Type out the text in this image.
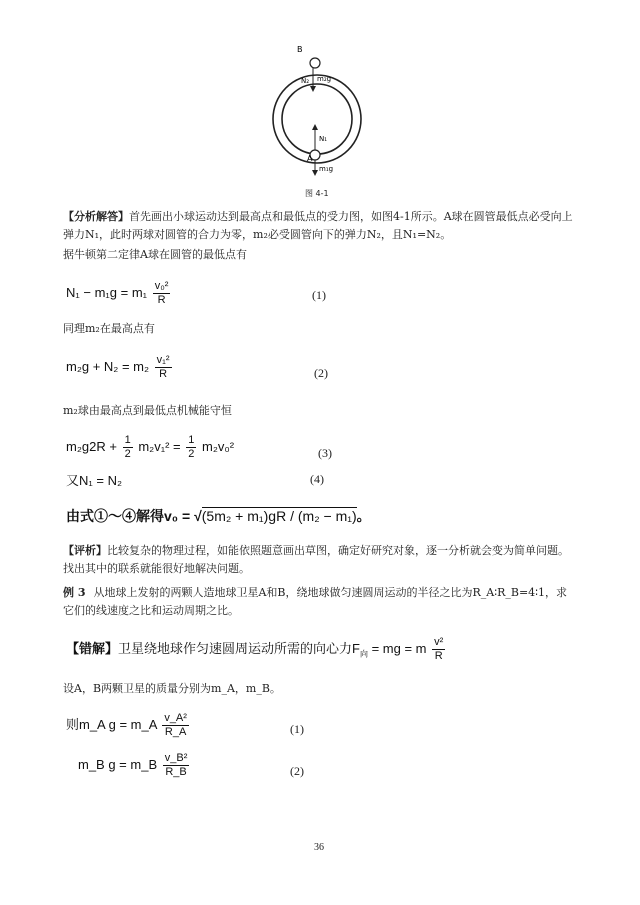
B
A
N₂ m₂g
N₁
m₁g
图 4-1
【分析解答】首先画出小球运动达到最高点和最低点的受力图，如图4-1所示。A球在圆管最低点必受向上弹力N₁，此时两球对圆管的合力为零，m₂必受圆管向下的弹力N₂，且N₁=N₂。
据牛顿第二定律A球在圆管的最低点有
$N_1 - m_1g = m_1 \frac{\text{v₀²}}{R}$	(1)
同理m₂在最高点有
$m_2g + N_2 = m_2 \frac{\text{v₁²}}{R}$	(2)
m₂球由最高点到最低点机械能守恒
$m_2g2R + \frac{1}{2} m_2v_1^2 = \frac{1}{2} m_2v_0^2$	(3)
又N₁ = N₂	(4)
由式①～④解得v₀ = √(5m₂ + m₁)gR / (m₂ − m₁)。
【评析】比较复杂的物理过程，如能依照题意画出草图，确定好研究对象，逐一分析就会变为简单问题。找出其中的联系就能很好地解决问题。
例 3 从地球上发射的两颗人造地球卫星A和B，绕地球做匀速圆周运动的半径之比为R_A∶R_B=4∶1，求它们的线速度之比和运动周期之比。
【错解】卫星绕地球作匀速圆周运动所需的向心力$F_向$ = mg = m $\frac{\text{v²}}{R}$
设A，B两颗卫星的质量分别为m_A，m_B。
则m_A g = m_A $\frac{\text{v\_A²}}{R\_A}$	(1)
m_B g = m_B $\frac{\text{v\_B²}}{R\_B}$	(2)
36
